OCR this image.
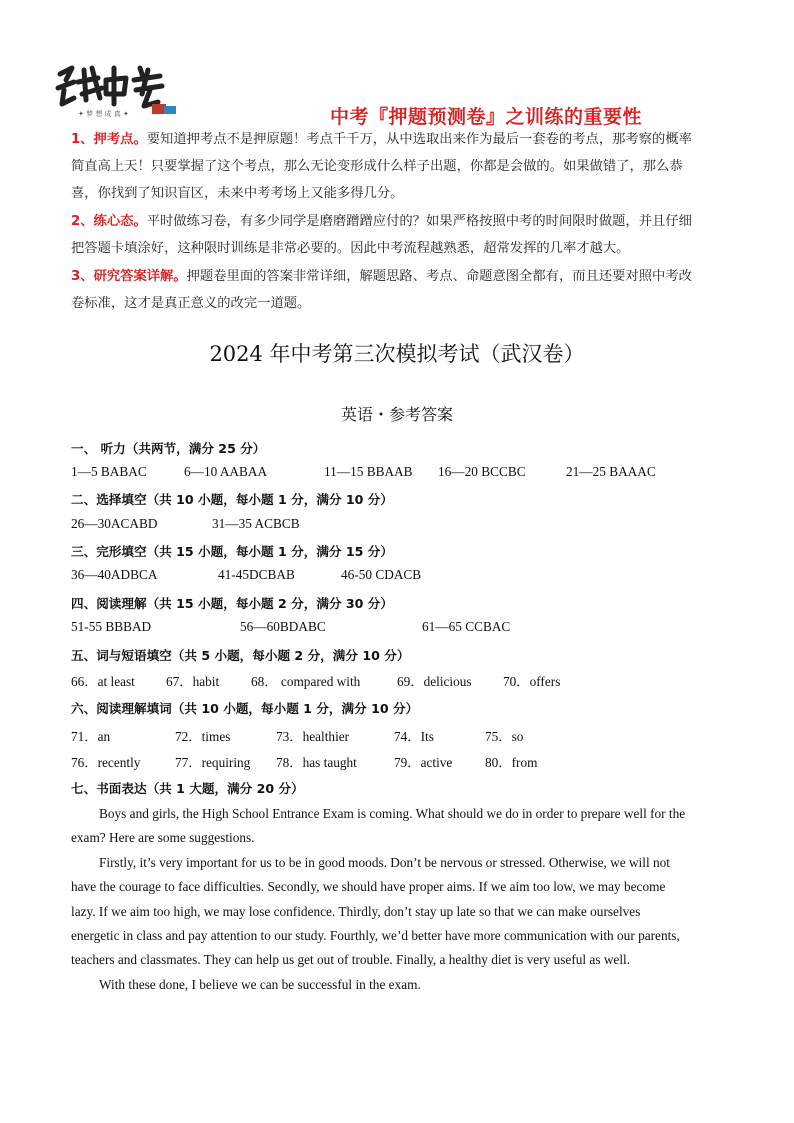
✦ 梦 想 成 真 ✦	中考『押题预测卷』之训练的重要性
1、押考点。要知道押考点不是押原题！考点千千万，从中选取出来作为最后一套卷的考点，那考察的概率
简直高上天！只要掌握了这个考点，那么无论变形成什么样子出题，你都是会做的。如果做错了，那么恭
喜，你找到了知识盲区，未来中考考场上又能多得几分。
2、练心态。平时做练习卷，有多少同学是磨磨蹭蹭应付的？如果严格按照中考的时间限时做题，并且仔细
把答题卡填涂好，这种限时训练是非常必要的。因此中考流程越熟悉，超常发挥的几率才越大。
3、研究答案详解。押题卷里面的答案非常详细，解题思路、考点、命题意图全都有，而且还要对照中考改
卷标准，这才是真正意义的改完一道题。
2024 年中考第三次模拟考试（武汉卷）
英语・参考答案
一、 听力（共两节，满分 25 分）
1—5 BABAC	6—10 AABAA	11—15 BBAAB 16—20 BCCBC	21—25 BAAAC
二、选择填空（共 10 小题，每小题 1 分，满分 10 分）
26—30ACABD	31—35 ACBCB
三、完形填空（共 15 小题，每小题 1 分，满分 15 分）
36—40ADBCA	41-45DCBAB	46-50 CDACB
四、阅读理解（共 15 小题，每小题 2 分，满分 30 分）
51-55 BBBAD	56—60BDABC	61—65 CCBAC
五、词与短语填空（共 5 小题，每小题 2 分，满分 10 分）
66．at least 67．habit 68． compared with	69．delicious 70．offers
六、阅读理解填词（共 10 小题，每小题 1 分，满分 10 分）
71．an	72．times	73．healthier	74．Its	75．so
76．recently	77．requiring 78．has taught	79．active 80．from
七、书面表达（共 1 大题，满分 20 分）
Boys and girls, the High School Entrance Exam is coming. What should we do in order to prepare well for the
exam? Here are some suggestions.
Firstly, it’s very important for us to be in good moods. Don’t be nervous or stressed. Otherwise, we will not
have the courage to face difficulties. Secondly, we should have proper aims. If we aim too low, we may become
lazy. If we aim too high, we may lose confidence. Thirdly, don’t stay up late so that we can make ourselves
energetic in class and pay attention to our study. Fourthly, we’d better have more communication with our parents,
teachers and classmates. They can help us get out of trouble. Finally, a healthy diet is very useful as well.
With these done, I believe we can be successful in the exam.
